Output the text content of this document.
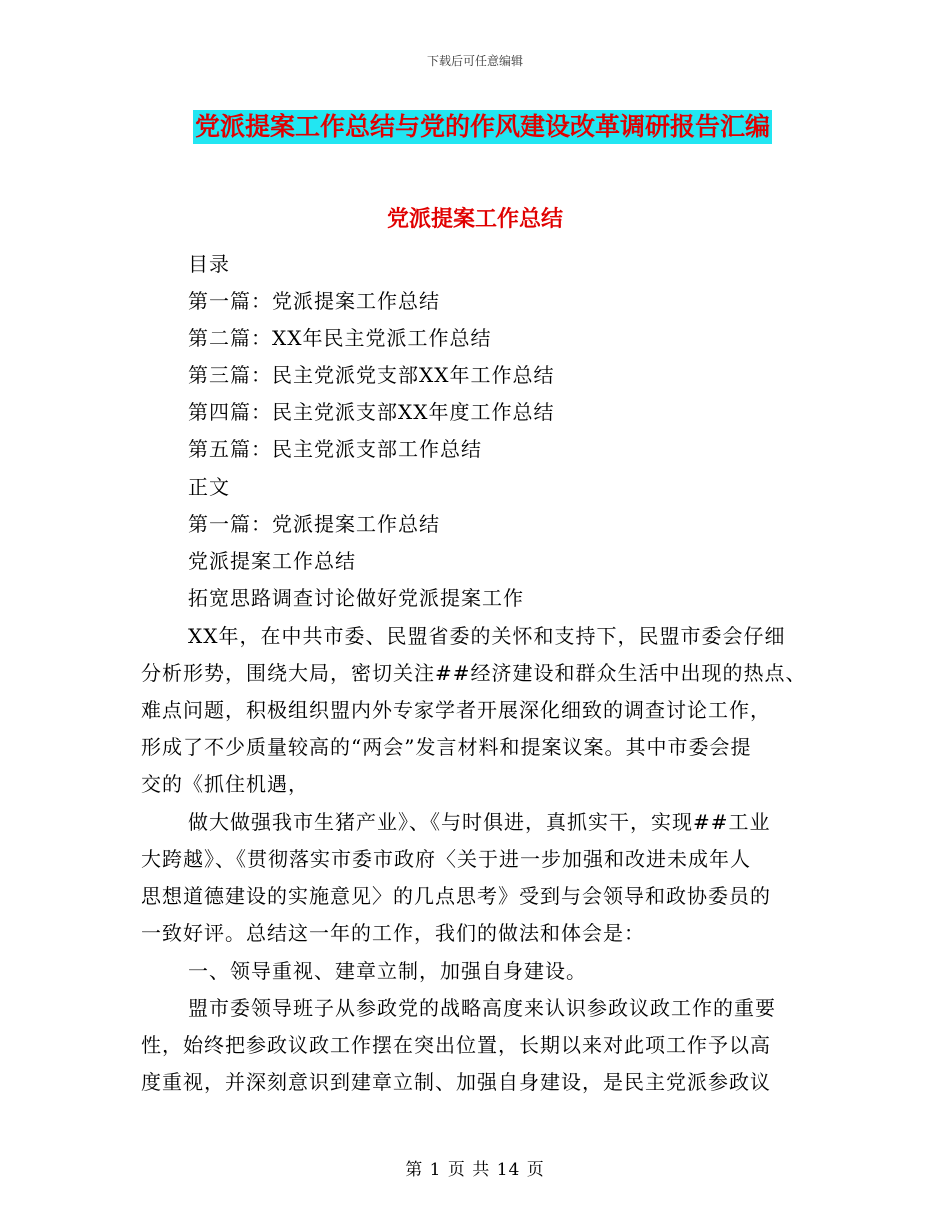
下载后可任意编辑
党派提案工作总结与党的作风建设改革调研报告汇编
党派提案工作总结
目录
第一篇：党派提案工作总结
第二篇：XX年民主党派工作总结
第三篇：民主党派党支部XX年工作总结
第四篇：民主党派支部XX年度工作总结
第五篇：民主党派支部工作总结
正文
第一篇：党派提案工作总结
党派提案工作总结
拓宽思路调查讨论做好党派提案工作
XX年，在中共市委、民盟省委的关怀和支持下，民盟市委会仔细
分析形势，围绕大局，密切关注##经济建设和群众生活中出现的热点、
难点问题，积极组织盟内外专家学者开展深化细致的调查讨论工作，
形成了不少质量较高的“两会”发言材料和提案议案。其中市委会提
交的《抓住机遇，
做大做强我市生猪产业》、《与时俱进，真抓实干，实现##工业
大跨越》、《贯彻落实市委市政府〈关于进一步加强和改进未成年人
思想道德建设的实施意见〉的几点思考》受到与会领导和政协委员的
一致好评。总结这一年的工作，我们的做法和体会是：
一、领导重视、建章立制，加强自身建设。
盟市委领导班子从参政党的战略高度来认识参政议政工作的重要
性，始终把参政议政工作摆在突出位置，长期以来对此项工作予以高
度重视，并深刻意识到建章立制、加强自身建设，是民主党派参政议
第 1 页 共 14 页
